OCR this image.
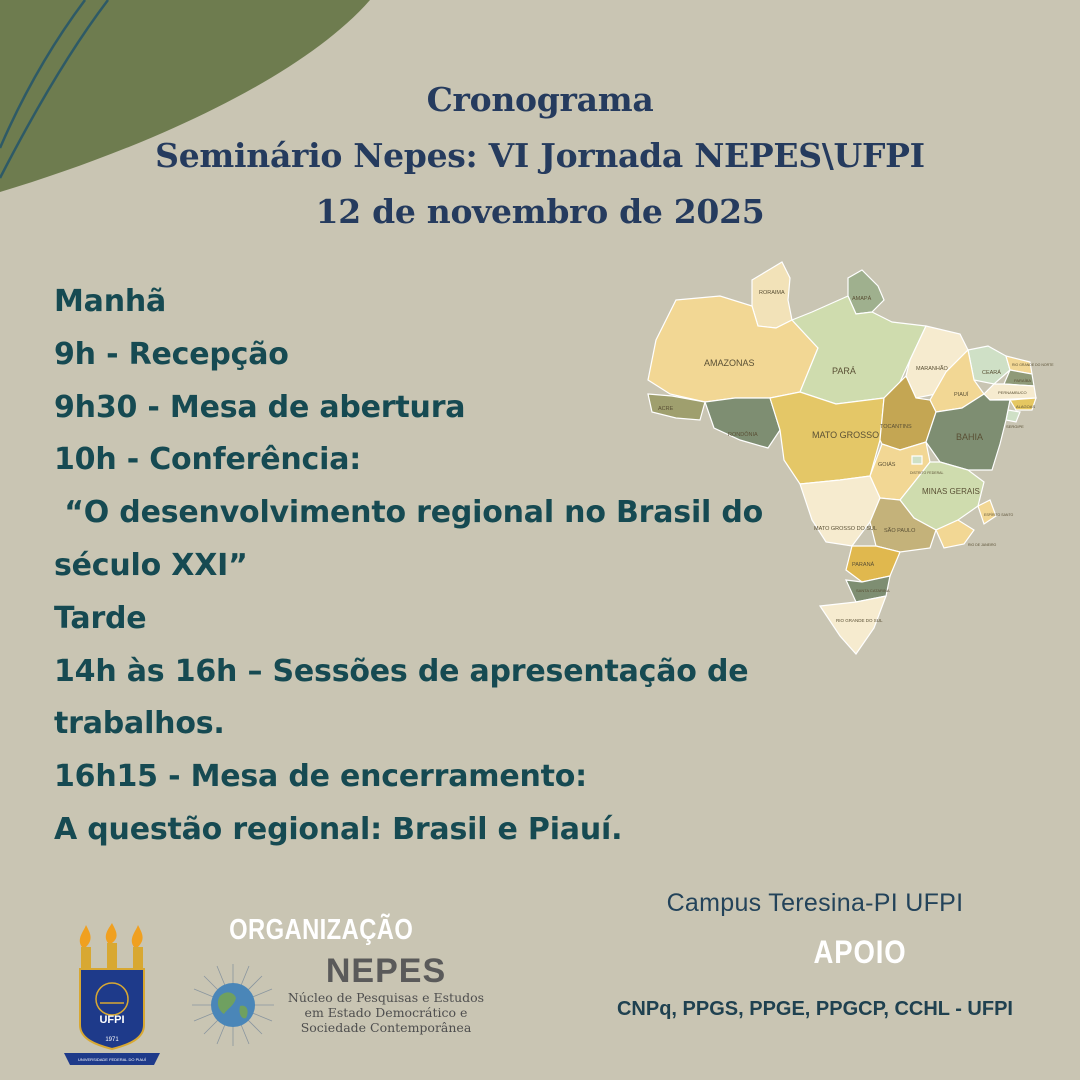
Cronograma
Seminário Nepes: VI Jornada NEPES\UFPI
12 de novembro de 2025
Manhã
9h - Recepção
9h30 - Mesa de abertura
10h - Conferência:
“O desenvolvimento regional no Brasil do
século XXI”
Tarde
14h às 16h – Sessões de apresentação de
trabalhos.
16h15 - Mesa de encerramento:
A questão regional: Brasil e Piauí.
RORAIMA
AMAPÁ
AMAZONAS
PARÁ	MARANHÃO
CEARÁ
RIO GRANDE DO NORTE
PIAUÍ
PARAÍBA
PERNAMBUCO
ALAGOAS
SERGIPE
ACRE
RONDÔNIA	MATO GROSSO
TOCANTINS
BAHIA
DISTRITO FEDERAL
GOIÁS
MINAS GERAIS
ESPÍRITO SANTO
MATO GROSSO DO SUL SÃO PAULO
RIO DE JANEIRO
PARANÁ
SANTA CATARINA
RIO GRANDE DO SUL
Campus Teresina-PI UFPI
APOIO
CNPq, PPGS, PPGE, PPGCP, CCHL - UFPI
ORGANIZAÇÃO
UFPI
1971
UNIVERSIDADE FEDERAL DO PIAUÍ
NEPES
Núcleo de Pesquisas e Estudos
em Estado Democrático e
Sociedade Contemporânea
